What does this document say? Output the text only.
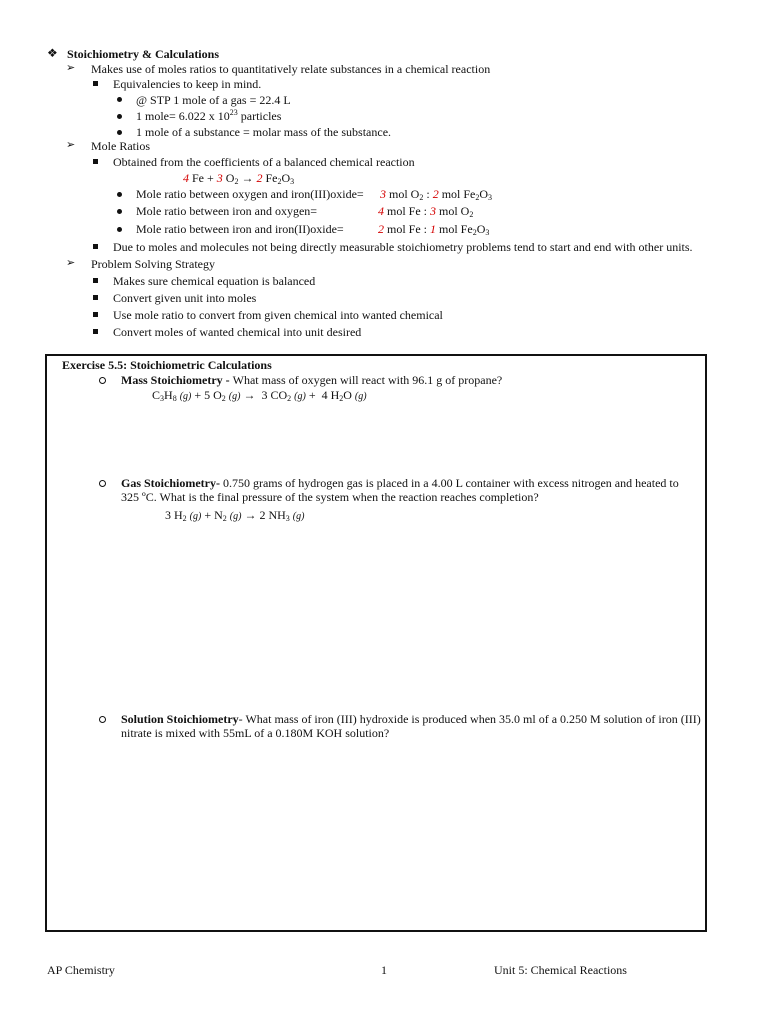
❖ Stoichiometry & Calculations
➢ Makes use of moles ratios to quantitatively relate substances in a chemical reaction
Equivalencies to keep in mind.
@ STP 1 mole of a gas = 22.4 L
1 mole= 6.022 x $10^{23}$ particles
1 mole of a substance = molar mass of the substance.
➢ Mole Ratios
Obtained from the coefficients of a balanced chemical reaction
4 Fe + 3 $O_2 \to 2$ $Fe_2O_3$
Mole ratio between oxygen and iron(III)oxide= 3 mol $O_2$ : 2 mol $Fe_2O_3$
Mole ratio between iron and oxygen=	4 mol Fe : 3 mol $O_2$
Mole ratio between iron and iron(II)oxide=	2 mol Fe : 1 mol $Fe_2O_3$
Due to moles and molecules not being directly measurable stoichiometry problems tend to start and end with other units.
➢ Problem Solving Strategy
Makes sure chemical equation is balanced
Convert given unit into moles
Use mole ratio to convert from given chemical into wanted chemical
Convert moles of wanted chemical into unit desired
Exercise 5.5: Stoichiometric Calculations
Mass Stoichiometry - What mass of oxygen will react with 96.1 g of propane?
$C_3H_8$ (g) + 5 $O_2$ (g) →  3 $CO_2$ (g) +  4 $H_2O$ (g)
Gas Stoichiometry- 0.750 grams of hydrogen gas is placed in a 4.00 L container with excess nitrogen and heated to 325 ºC. What is the final pressure of the system when the reaction reaches completion?
3 $H_2$ $(g) + N_2$ (g) → 2 $NH_3$ (g)
Solution Stoichiometry- What mass of iron (III) hydroxide is produced when 35.0 ml of a 0.250 M solution of iron (III) nitrate is mixed with 55mL of a 0.180M KOH solution?
AP Chemistry	1	Unit 5: Chemical Reactions
